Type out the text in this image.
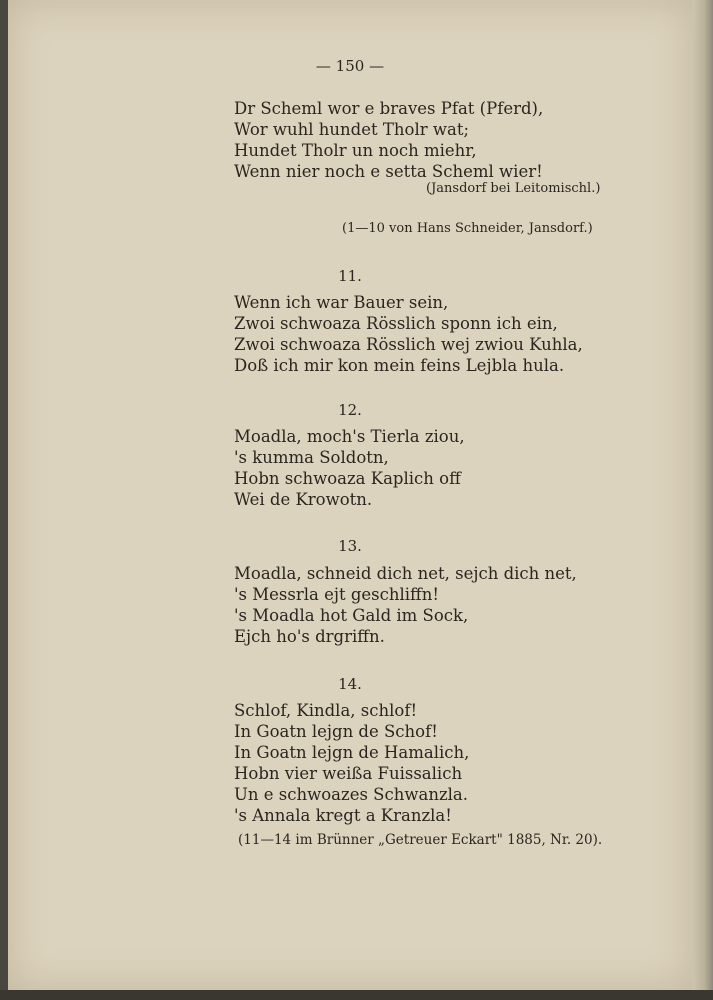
— 150 —
Dr Scheml wor e braves Pfat (Pferd),
Wor wuhl hundet Tholr wat;
Hundet Tholr un noch miehr,
Wenn nier noch e setta Scheml wier!
(Jansdorf bei Leitomischl.)
(1—10 von Hans Schneider, Jansdorf.)
11.
Wenn ich war Bauer sein,
Zwoi schwoaza Rösslich sponn ich ein,
Zwoi schwoaza Rösslich wej zwiou Kuhla,
Doß ich mir kon mein feins Lejbla hula.
12.
Moadla, moch's Tierla ziou,
's kumma Soldotn,
Hobn schwoaza Kaplich off
Wei de Krowotn.
13.
Moadla, schneid dich net, sejch dich net,
's Messrla ejt geschliffn!
's Moadla hot Gald im Sock,
Ejch ho's drgriffn.
14.
Schlof, Kindla, schlof!
In Goatn lejgn de Schof!
In Goatn lejgn de Hamalich,
Hobn vier weißa Fuissalich
Un e schwoazes Schwanzla.
's Annala kregt a Kranzla!
(11—14 im Brünner „Getreuer Eckart" 1885, Nr. 20).
